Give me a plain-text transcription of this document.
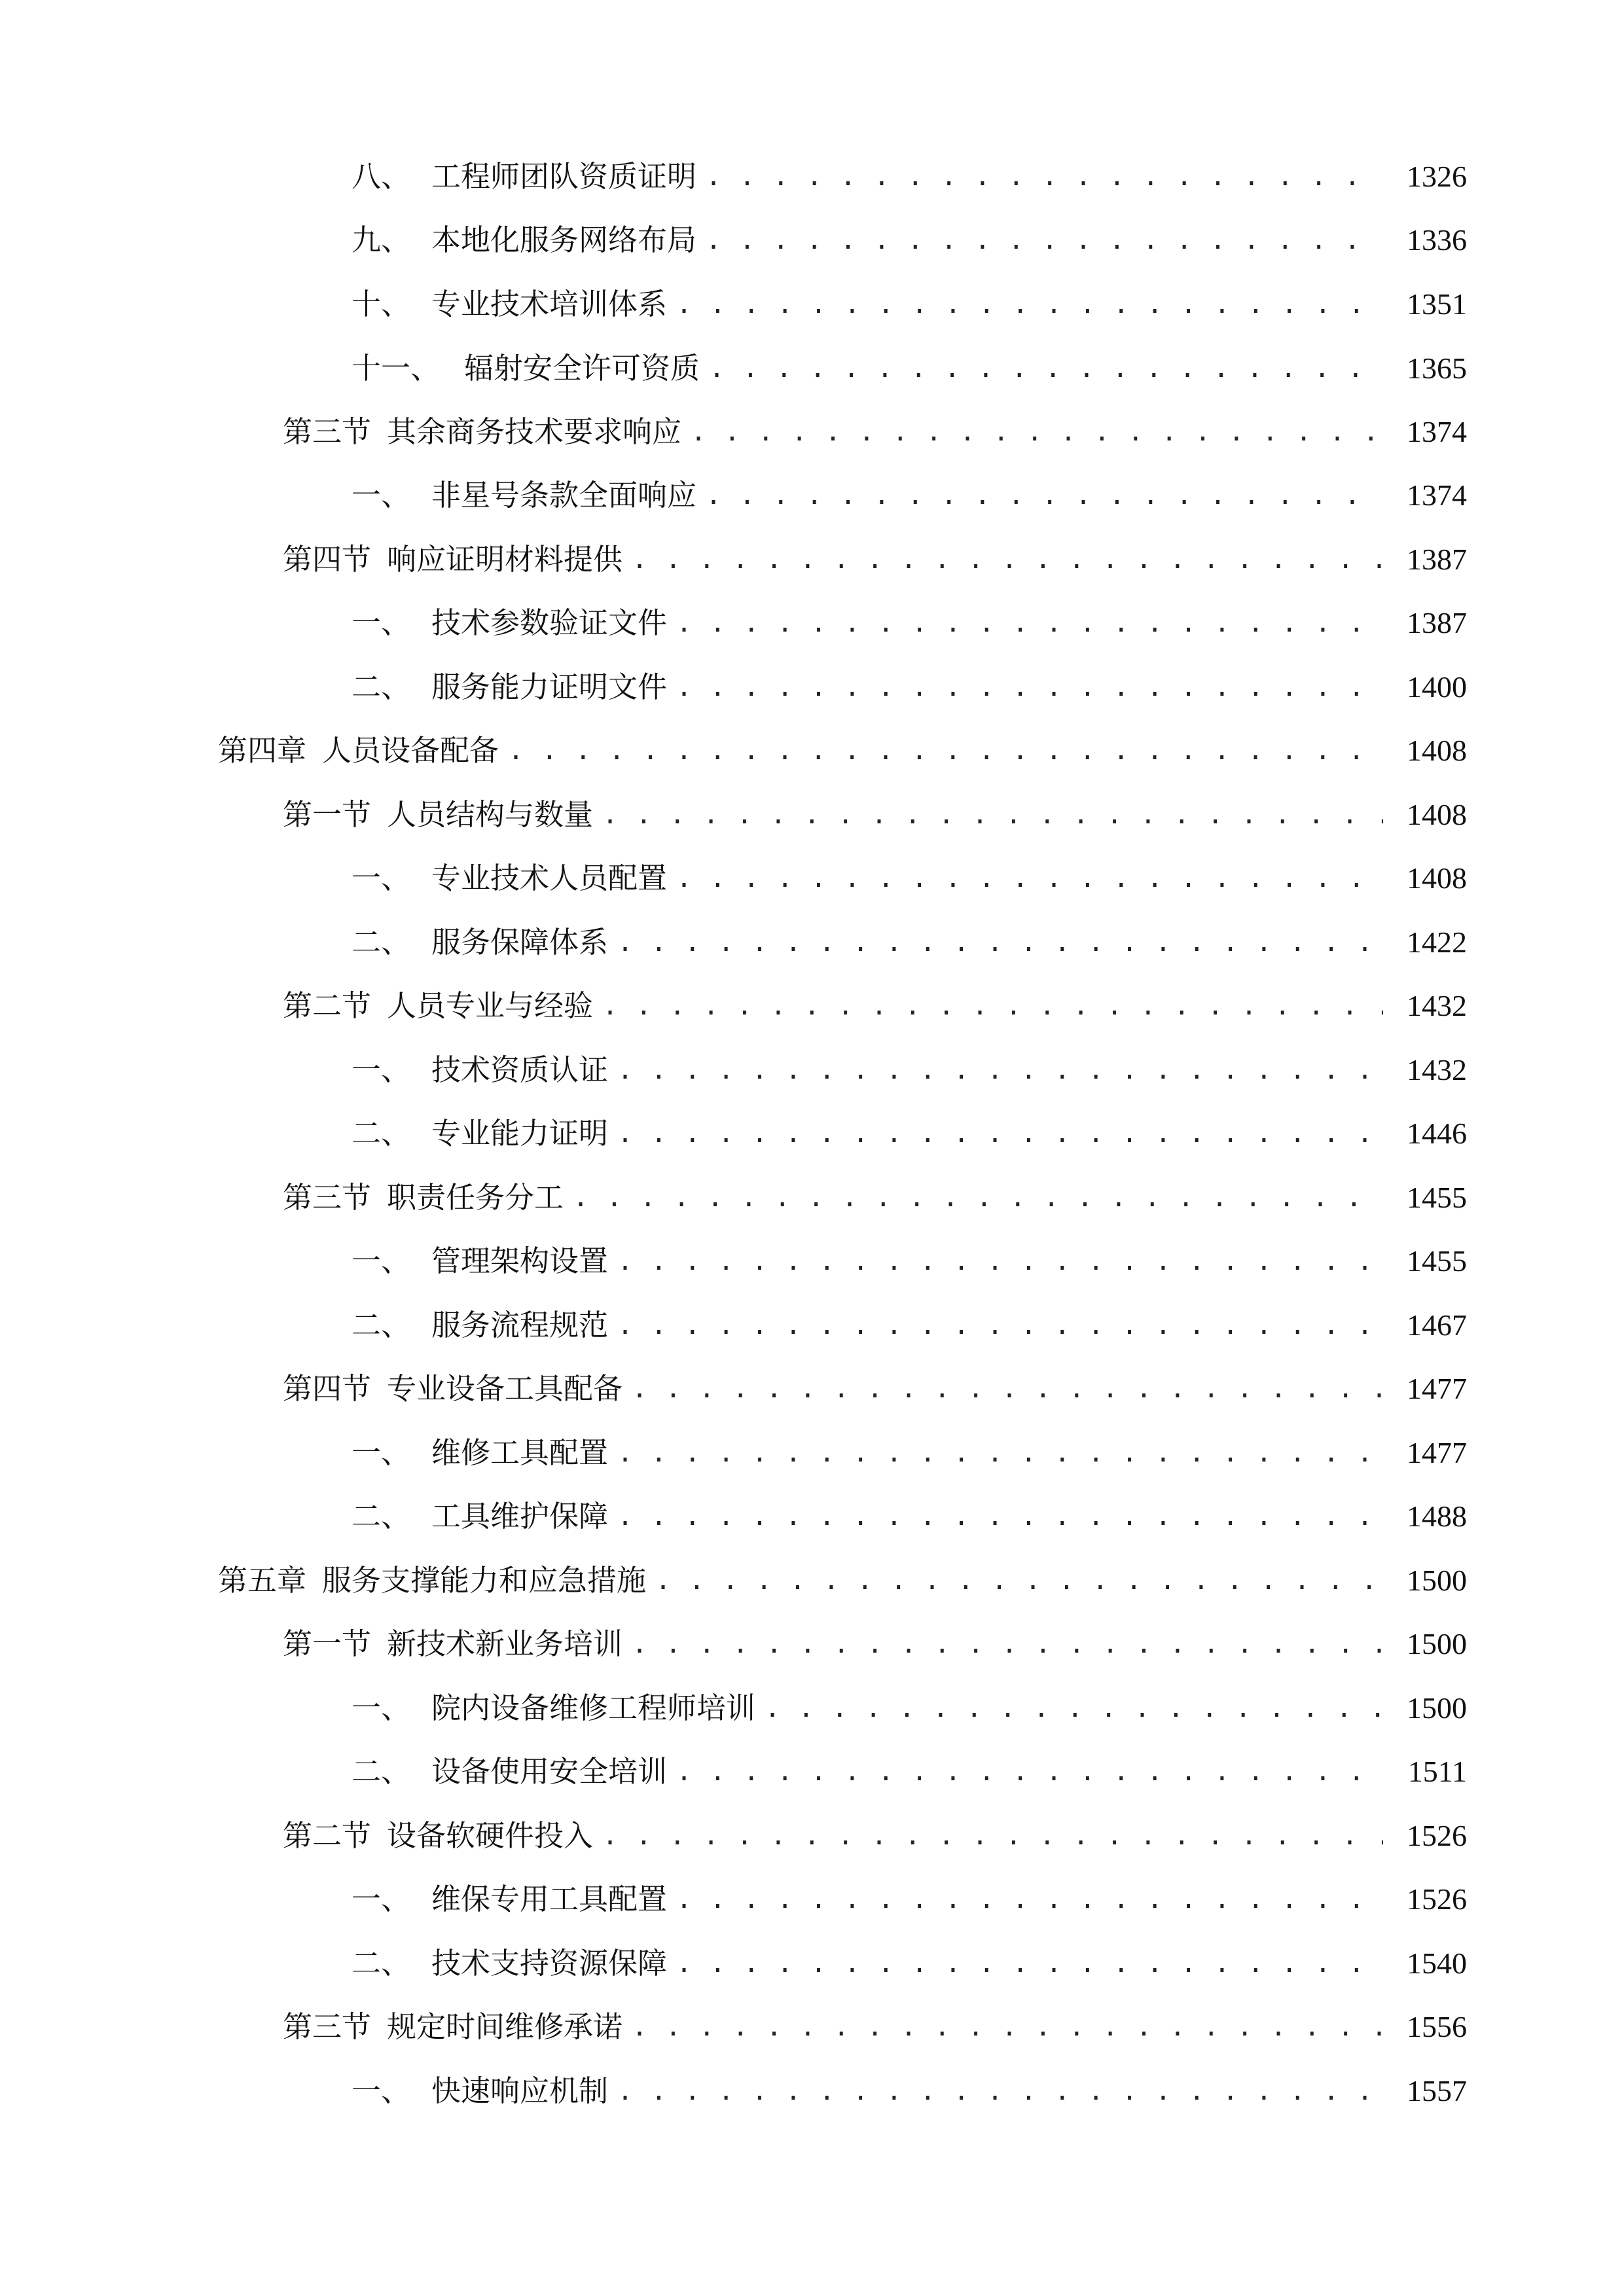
八、 工程师团队资质证明 . . .	1326
九、 本地化服务网络布局 . . .	1336
十、 专业技术培训体系 . . .	1351
十一、 辐射安全许可资质 . . .	1365
第三节 其余商务技术要求响应 . . .	1374
一、 非星号条款全面响应 . . .	1374
第四节 响应证明材料提供 . . .	1387
一、 技术参数验证文件 . . .	1387
二、 服务能力证明文件 . . .	1400
第四章 人员设备配备 . . .	1408
第一节 人员结构与数量 . . .	1408
一、 专业技术人员配置 . . .	1408
二、 服务保障体系 . . .	1422
第二节 人员专业与经验 . . .	1432
一、 技术资质认证 . . .	1432
二、 专业能力证明 . . .	1446
第三节 职责任务分工 . . .	1455
一、 管理架构设置 . . .	1455
二、 服务流程规范 . . .	1467
第四节 专业设备工具配备 . . .	1477
一、 维修工具配置 . . .	1477
二、 工具维护保障 . . .	1488
第五章 服务支撑能力和应急措施 . . .	1500
第一节 新技术新业务培训 . . .	1500
一、 院内设备维修工程师培训 . . .	1500
二、 设备使用安全培训 . . .	1511
第二节 设备软硬件投入 . . .	1526
一、 维保专用工具配置 . . .	1526
二、 技术支持资源保障 . . .	1540
第三节 规定时间维修承诺 . . .	1556
一、 快速响应机制 . . .	1557
